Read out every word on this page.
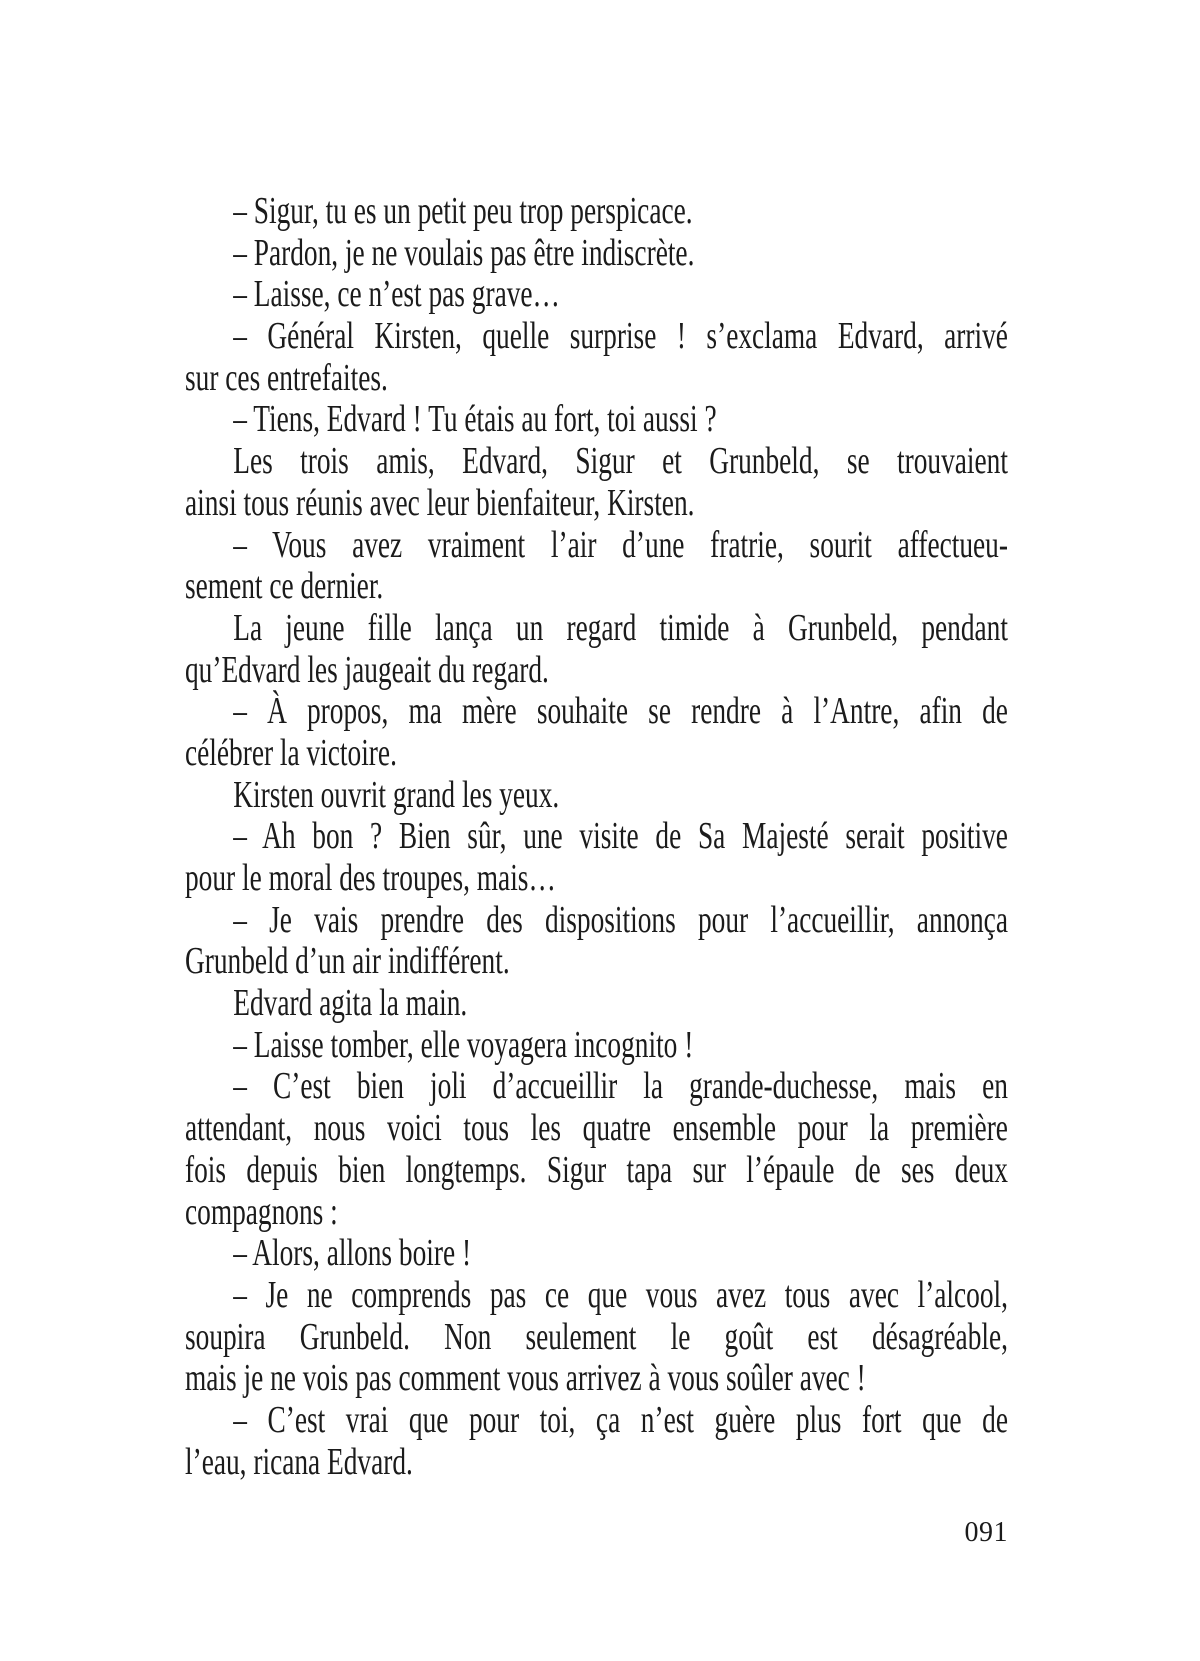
– Sigur, tu es un petit peu trop perspicace.
– Pardon, je ne voulais pas être indiscrète.
– Laisse, ce n’est pas grave…
– Général Kirsten, quelle surprise ! s’exclama Edvard, arrivé
sur ces entrefaites.
– Tiens, Edvard ! Tu étais au fort, toi aussi ?
Les trois amis, Edvard, Sigur et Grunbeld, se trouvaient
ainsi tous réunis avec leur bienfaiteur, Kirsten.
– Vous avez vraiment l’air d’une fratrie, sourit affectueu-
sement ce dernier.
La jeune fille lança un regard timide à Grunbeld, pendant
qu’Edvard les jaugeait du regard.
– À propos, ma mère souhaite se rendre à l’Antre, afin de
célébrer la victoire.
Kirsten ouvrit grand les yeux.
– Ah bon ? Bien sûr, une visite de Sa Majesté serait positive
pour le moral des troupes, mais…
– Je vais prendre des dispositions pour l’accueillir, annonça
Grunbeld d’un air indifférent.
Edvard agita la main.
– Laisse tomber, elle voyagera incognito !
– C’est bien joli d’accueillir la grande-duchesse, mais en
attendant, nous voici tous les quatre ensemble pour la première
fois depuis bien longtemps. Sigur tapa sur l’épaule de ses deux
compagnons :
– Alors, allons boire !
– Je ne comprends pas ce que vous avez tous avec l’alcool,
soupira Grunbeld. Non seulement le goût est désagréable,
mais je ne vois pas comment vous arrivez à vous soûler avec !
– C’est vrai que pour toi, ça n’est guère plus fort que de
l’eau, ricana Edvard.
091
